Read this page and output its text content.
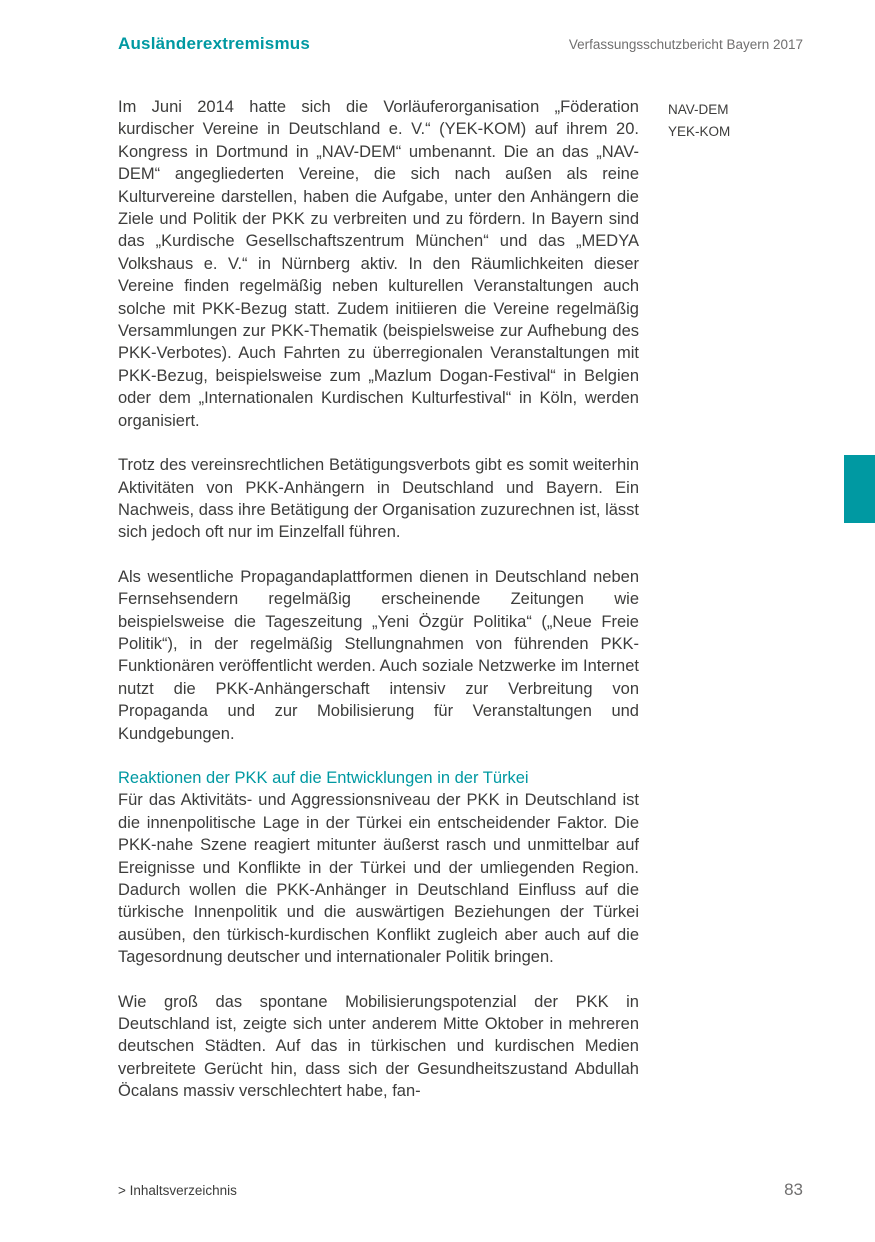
Ausländerextremismus	Verfassungsschutzbericht Bayern 2017
NAV-DEM
YEK-KOM

Im Juni 2014 hatte sich die Vorläuferorganisation „Föderation kurdischer Vereine in Deutschland e. V.“ (YEK-KOM) auf ihrem 20. Kongress in Dortmund in „NAV-DEM“ umbenannt. Die an das „NAV-DEM“ angegliederten Vereine, die sich nach außen als reine Kulturvereine darstellen, haben die Aufgabe, unter den Anhängern die Ziele und Politik der PKK zu verbreiten und zu fördern. In Bayern sind das „Kurdische Gesellschaftszentrum München“ und das „MEDYA Volkshaus e. V.“ in Nürnberg aktiv. In den Räumlichkeiten dieser Vereine finden regelmäßig neben kulturellen Veranstaltungen auch solche mit PKK-Bezug statt. Zudem initiieren die Vereine regelmäßig Versammlungen zur PKK-Thematik (beispielsweise zur Aufhebung des PKK-Verbotes). Auch Fahrten zu überregionalen Veranstaltungen mit PKK-Bezug, beispielsweise zum „Mazlum Dogan-Festival“ in Belgien oder dem „Internationalen Kurdischen Kulturfestival“ in Köln, werden organisiert.

Trotz des vereinsrechtlichen Betätigungsverbots gibt es somit weiterhin Aktivitäten von PKK-Anhängern in Deutschland und Bayern. Ein Nachweis, dass ihre Betätigung der Organisation zuzurechnen ist, lässt sich jedoch oft nur im Einzelfall führen.

Als wesentliche Propagandaplattformen dienen in Deutschland neben Fernsehsendern regelmäßig erscheinende Zeitungen wie beispielsweise die Tageszeitung „Yeni Özgür Politika“ („Neue Freie Politik“), in der regelmäßig Stellungnahmen von führenden PKK-Funktionären veröffentlicht werden. Auch soziale Netzwerke im Internet nutzt die PKK-Anhängerschaft intensiv zur Verbreitung von Propaganda und zur Mobilisierung für Veranstaltungen und Kundgebungen.

Reaktionen der PKK auf die Entwicklungen in der Türkei

Für das Aktivitäts- und Aggressionsniveau der PKK in Deutschland ist die innenpolitische Lage in der Türkei ein entscheidender Faktor. Die PKK-nahe Szene reagiert mitunter äußerst rasch und unmittelbar auf Ereignisse und Konflikte in der Türkei und der umliegenden Region. Dadurch wollen die PKK-Anhänger in Deutschland Einfluss auf die türkische Innenpolitik und die auswärtigen Beziehungen der Türkei ausüben, den türkisch-kurdischen Konflikt zugleich aber auch auf die Tagesordnung deutscher und internationaler Politik bringen.

Wie groß das spontane Mobilisierungspotenzial der PKK in Deutschland ist, zeigte sich unter anderem Mitte Oktober in mehreren deutschen Städten. Auf das in türkischen und kurdischen Medien verbreitete Gerücht hin, dass sich der Gesundheitszustand Abdullah Öcalans massiv verschlechtert habe, fan-

> Inhaltsverzeichnis	83
